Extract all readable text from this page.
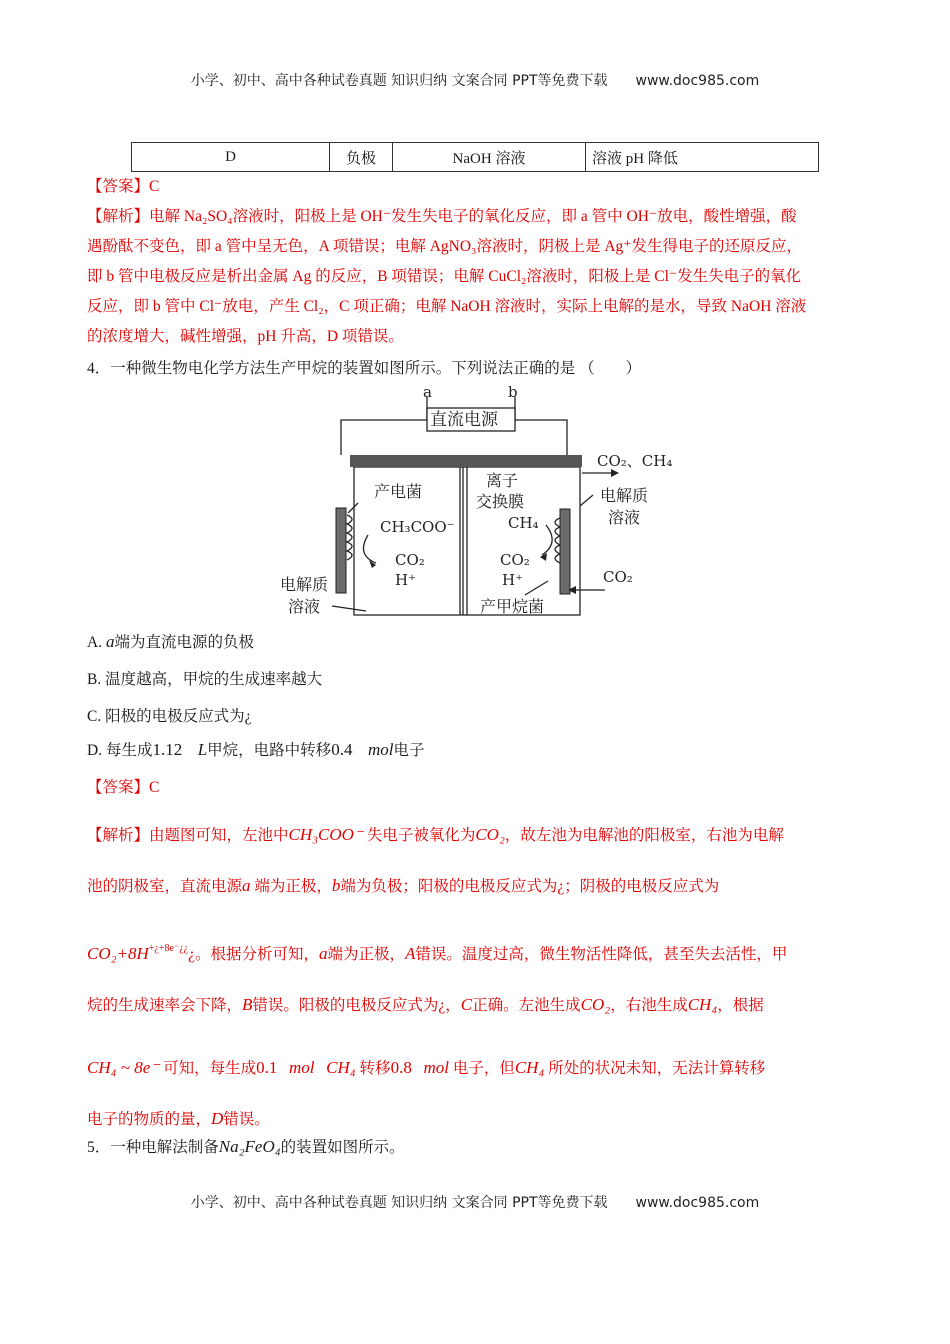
小学、初中、高中各种试卷真题 知识归纳 文案合同 PPT等免费下载 www.doc985.com
D	负极	NaOH 溶液	溶液 pH 降低
【答案】C
【解析】电解 Na₂SO₄溶液时，阳极上是 OH⁻发生失电子的氧化反应，即 a 管中 OH⁻放电，酸性增强，酸
遇酚酞不变色，即 a 管中呈无色，A 项错误；电解 AgNO₃溶液时，阴极上是 Ag⁺发生得电子的还原反应，
即 b 管中电极反应是析出金属 Ag 的反应，B 项错误；电解 CuCl₂溶液时，阳极上是 Cl⁻发生失电子的氧化
反应，即 b 管中 Cl⁻放电，产生 Cl₂，C 项正确；电解 NaOH 溶液时，实际上电解的是水，导致 NaOH 溶液
的浓度增大，碱性增强，pH 升高，D 项错误。
4．一种微生物电化学方法生产甲烷的装置如图所示。下列说法正确的是 （　　）
a	b
直流电源
CO₂、CH₄
产电菌
离子
交换膜
CH₃COO⁻
CO₂
H⁺
CH₄
CO₂
H⁺
电解质
溶液
电解质
溶液
CO₂
产甲烷菌
A. a端为直流电源的负极
B. 温度越高，甲烷的生成速率越大
C. 阳极的电极反应式为¿
D. 每生成1.12 L甲烷，电路中转移0.4 mol电子
【答案】C
【解析】由题图可知，左池中CH₃COO⁻ 失电子被氧化为CO₂，故左池为电解池的阳极室，右池为电解
池的阴极室，直流电源a 端为正极，b端为负极；阳极的电极反应式为¿；阴极的电极反应式为
$CO_2+8H^{+¿+8e^-¿¿}¿$。根据分析可知，a端为正极，A错误。温度过高，微生物活性降低，甚至失去活性，甲
烷的生成速率会下降，B错误。阳极的电极反应式为¿，C正确。左池生成CO₂，右池生成CH₄，根据
CH₄ ~ 8e⁻ 可知，每生成0.1 mol CH₄ 转移0.8 mol 电子，但CH₄ 所处的状况未知，无法计算转移
电子的物质的量，D错误。
5．一种电解法制备Na₂FeO₄的装置如图所示。
小学、初中、高中各种试卷真题 知识归纳 文案合同 PPT等免费下载 www.doc985.com
